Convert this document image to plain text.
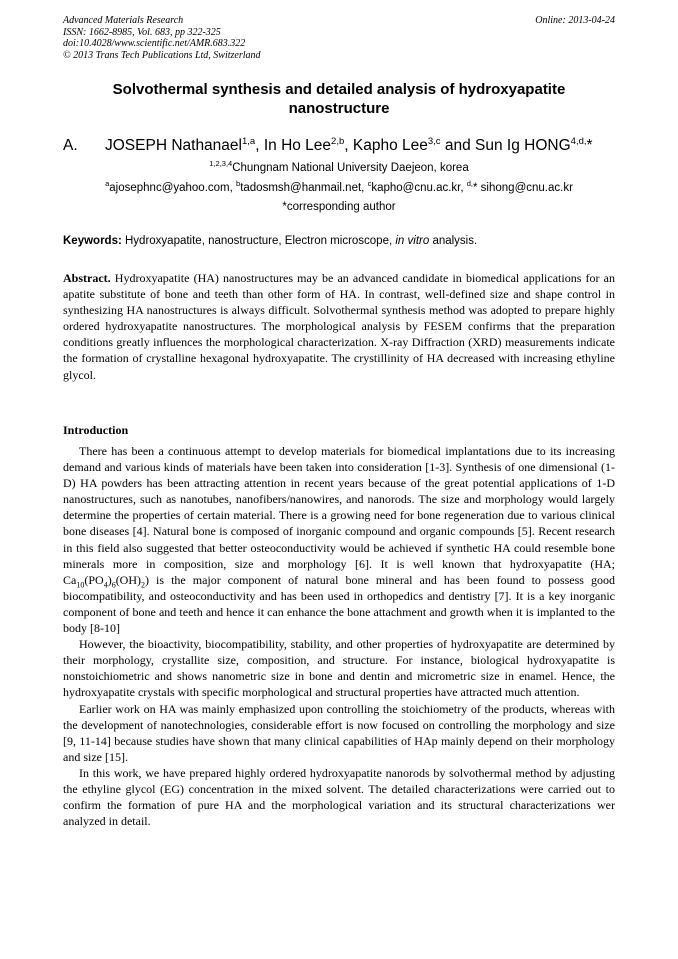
Advanced Materials Research
ISSN: 1662-8985, Vol. 683, pp 322-325
doi:10.4028/www.scientific.net/AMR.683.322
© 2013 Trans Tech Publications Ltd, Switzerland
Online: 2013-04-24
Solvothermal synthesis and detailed analysis of hydroxyapatite
nanostructure
A. JOSEPH Nathanael$^{1,a}$, In Ho Lee$^{2,b}$, Kapho Lee$^{3,c}$ and Sun Ig $HONG^{4,d,}*$
$^{1,2,3,4}$Chungnam National University Daejeon, korea
$^a$ajosephnc@yahoo.com, $^b$tadosmsh@hanmail.net, $^c$kapho@cnu.ac.kr, $^{d,}$* sihong@cnu.ac.kr
*corresponding author
Keywords: Hydroxyapatite, nanostructure, Electron microscope, in vitro analysis.
Abstract. Hydroxyapatite (HA) nanostructures may be an advanced candidate in biomedical applications for an apatite substitute of bone and teeth than other form of HA. In contrast, well-defined size and shape control in synthesizing HA nanostructures is always difficult. Solvothermal synthesis method was adopted to prepare highly ordered hydroxyapatite nanostructures. The morphological analysis by FESEM confirms that the preparation conditions greatly influences the morphological characterization. X-ray Diffraction (XRD) measurements indicate the formation of crystalline hexagonal hydroxyapatite. The crystillinity of HA decreased with increasing ethyline glycol.
Introduction

There has been a continuous attempt to develop materials for biomedical implantations due to its increasing demand and various kinds of materials have been taken into consideration [1-3]. Synthesis of one dimensional (1-D) HA powders has been attracting attention in recent years because of the great potential applications of 1-D nanostructures, such as nanotubes, nanofibers/nanowires, and nanorods. The size and morphology would largely determine the properties of certain material. There is a growing need for bone regeneration due to various clinical bone diseases [4]. Natural bone is composed of inorganic compound and organic compounds [5]. Recent research in this field also suggested that better osteoconductivity would be achieved if synthetic HA could resemble bone minerals more in composition, size and morphology [6]. It is well known that hydroxyapatite (HA; $Ca_{10}(PO_4)_6(OH)_2$) is the major component of natural bone mineral and has been found to possess good biocompatibility, and osteoconductivity and has been used in orthopedics and dentistry [7]. It is a key inorganic component of bone and teeth and hence it can enhance the bone attachment and growth when it is implanted to the body [8-10]

However, the bioactivity, biocompatibility, stability, and other properties of hydroxyapatite are determined by their morphology, crystallite size, composition, and structure. For instance, biological hydroxyapatite is nonstoichiometric and shows nanometric size in bone and dentin and micrometric size in enamel. Hence, the hydroxyapatite crystals with specific morphological and structural properties have attracted much attention.

Earlier work on HA was mainly emphasized upon controlling the stoichiometry of the products, whereas with the development of nanotechnologies, considerable effort is now focused on controlling the morphology and size [9, 11-14] because studies have shown that many clinical capabilities of HAp mainly depend on their morphology and size [15].

In this work, we have prepared highly ordered hydroxyapatite nanorods by solvothermal method by adjusting the ethyline glycol (EG) concentration in the mixed solvent. The detailed characterizations were carried out to confirm the formation of pure HA and the morphological variation and its structural characterizations wer analyzed in detail.
